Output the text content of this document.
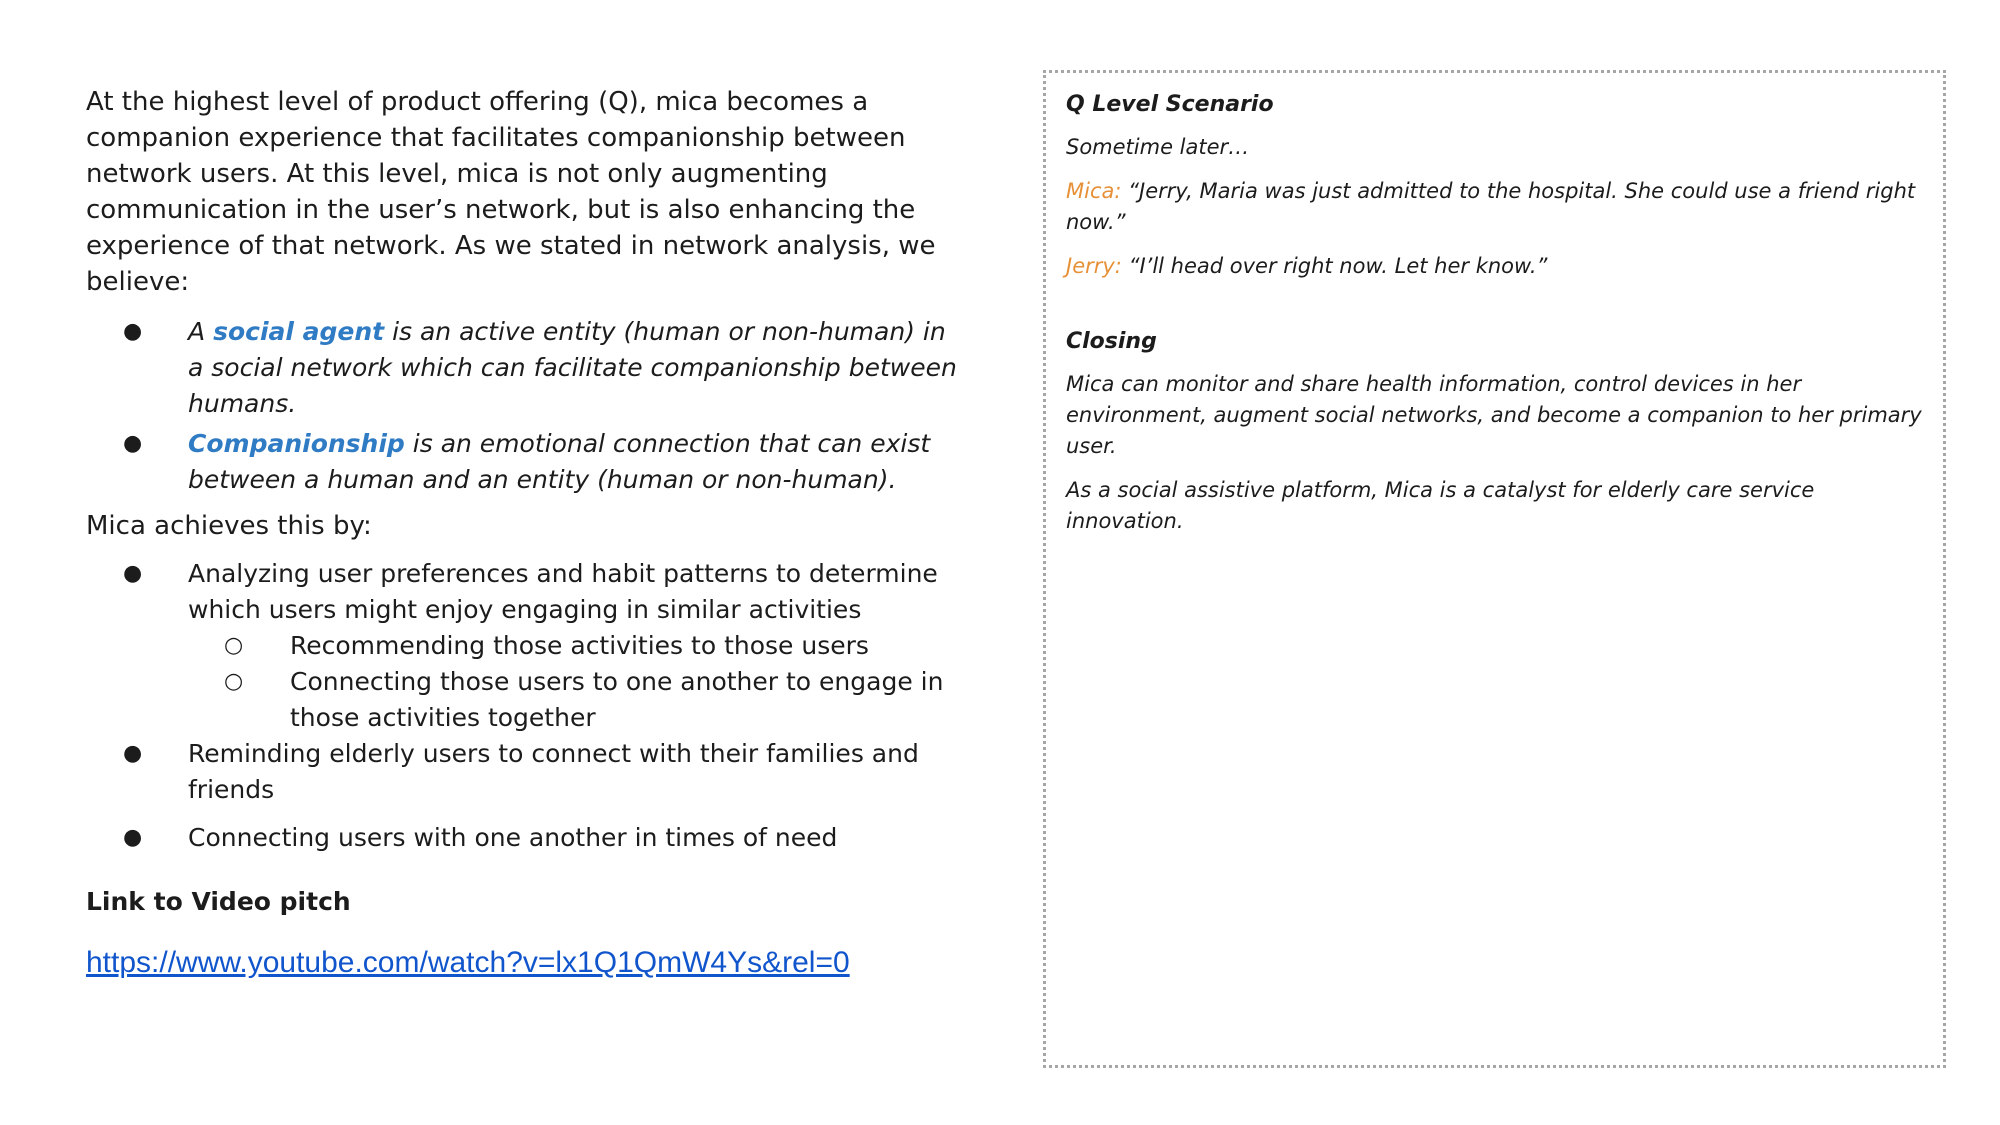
At the highest level of product offering (Q), mica becomes a companion experience that facilitates companionship between network users. At this level, mica is not only augmenting communication in the user’s network, but is also enhancing the experience of that network. As we stated in network analysis, we believe:

● A social agent is an active entity (human or non-human) in a social network which can facilitate companionship between humans.
● Companionship is an emotional connection that can exist between a human and an entity (human or non-human).

Mica achieves this by:

● Analyzing user preferences and habit patterns to determine which users might enjoy engaging in similar activities
○ Recommending those activities to those users
○ Connecting those users to one another to engage in those activities together
● Reminding elderly users to connect with their families and friends
● Connecting users with one another in times of need
Link to Video pitch
https://www.youtube.com/watch?v=lx1Q1QmW4Ys&rel=0
Q Level Scenario

Sometime later…

Mica: “Jerry, Maria was just admitted to the hospital. She could use a friend right now.”

Jerry: “I’ll head over right now. Let her know.”

Closing

Mica can monitor and share health information, control devices in her environment, augment social networks, and become a companion to her primary user.

As a social assistive platform, Mica is a catalyst for elderly care service innovation.
